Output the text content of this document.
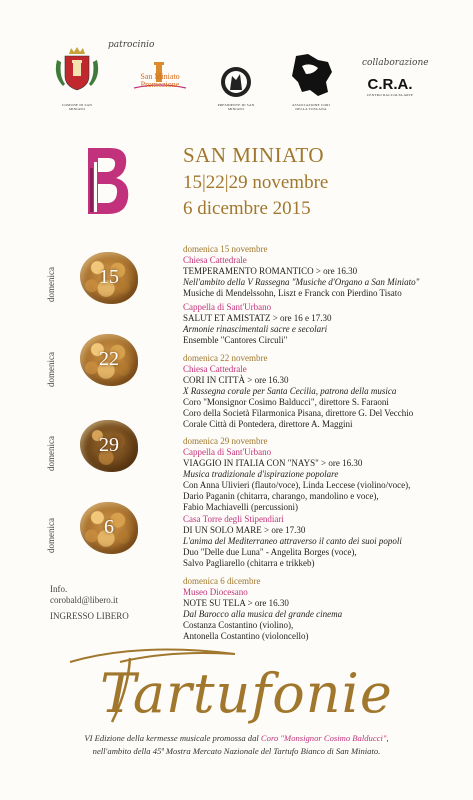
patrocinio
collaborazione
COMUNE DI SAN MINIATO
San Miniato Promozione
PRESIDENTE DI SAN MINIATO
ASSOCIAZIONE CORI DELLA TOSCANA
C.R.A.
CENTRO RACCOLTA ARTE
SAN MINIATO
15|22|29 novembre
6 dicembre 2015
domenica
domenica
domenica
domenica
15
22
29
6
domenica 15 novembre
Chiesa Cattedrale
TEMPERAMENTO ROMANTICO > ore 16.30
Nell'ambito della V Rassegna "Musiche d'Organo a San Miniato"
Musiche di Mendelssohn, Liszt e Franck con Pierdino Tisato
Cappella di Sant'Urbano
SALUT ET AMISTATZ > ore 16 e 17.30
Armonie rinascimentali sacre e secolari
Ensemble "Cantores Circuli"
domenica 22 novembre
Chiesa Cattedrale
CORI IN CITTÀ > ore 16.30
X Rassegna corale per Santa Cecilia, patrona della musica
Coro "Monsignor Cosimo Balducci", direttore S. Faraoni
Coro della Società Filarmonica Pisana, direttore G. Del Vecchio
Corale Città di Pontedera, direttore A. Maggini
domenica 29 novembre
Cappella di Sant'Urbano
VIAGGIO IN ITALIA CON "NAYS" > ore 16.30
Musica tradizionale d'ispirazione popolare
Con Anna Ulivieri (flauto/voce), Linda Leccese (violino/voce),
Dario Paganin (chitarra, charango, mandolino e voce),
Fabio Machiavelli (percussioni)
Casa Torre degli Stipendiari
DI UN SOLO MARE > ore 17.30
L'anima del Mediterraneo attraverso il canto dei suoi popoli
Duo "Delle due Luna" - Angelita Borges (voce),
Salvo Pagliarello (chitarra e trikkeb)
domenica 6 dicembre
Museo Diocesano
NOTE SU TELA > ore 16.30
Dal Barocco alla musica del grande cinema
Costanza Costantino (violino),
Antonella Costantino (violoncello)
Info.
corobald@libero.it
INGRESSO LIBERO
Tartufonie
VI Edizione della kermesse musicale promossa dal Coro "Monsignor Cosimo Balducci",
nell'ambito della 45ª Mostra Mercato Nazionale del Tartufo Bianco di San Miniato.
